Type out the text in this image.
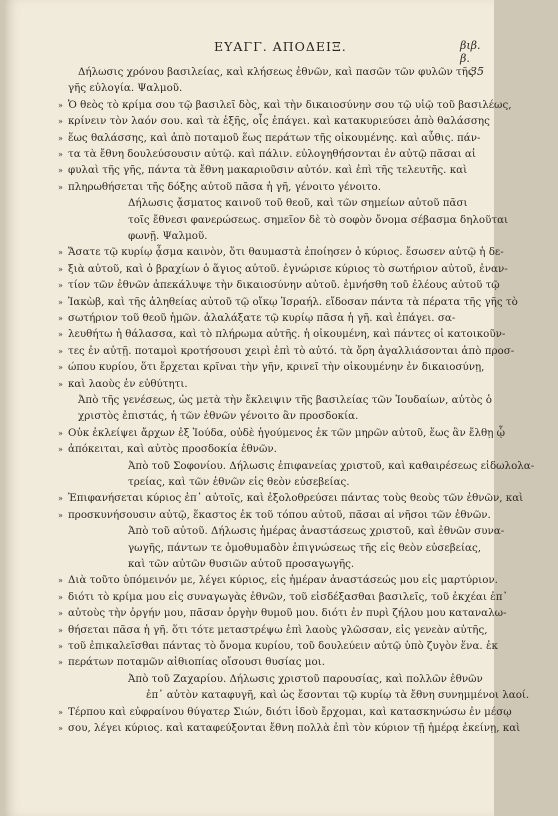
ΕΥΑΓΓ. ΑΠΟΔΕΙΞ.	βιβ. β. 35
Δήλωσις χρόνου βασιλείας, καὶ κλήσεως ἐθνῶν, καὶ πασῶν τῶν φυλῶν τῆς
γῆς εὐλογία. Ψαλμοῦ.
» Ὁ θεὸς τὸ κρίμα σου τῷ βασιλεῖ δὸς, καὶ τὴν δικαιοσύνην σου τῷ υἱῷ τοῦ βασιλέως,
» κρίνειν τὸν λαόν σου. καὶ τὰ ἑξῆς, οἷς ἐπάγει. καὶ κατακυριεύσει ἀπὸ θαλάσσης
» ἕως θαλάσσης, καὶ ἀπὸ ποταμοῦ ἕως περάτων τῆς οἰκουμένης. καὶ αὖθις. πάν-
» τα τὰ ἔθνη δουλεύσουσιν αὐτῷ. καὶ πάλιν. εὐλογηθήσονται ἐν αὐτῷ πᾶσαι αἱ
» φυλαὶ τῆς γῆς, πάντα τὰ ἔθνη μακαριοῦσιν αὐτόν. καὶ ἐπὶ τῆς τελευτῆς. καὶ
» πληρωθήσεται τῆς δόξης αὐτοῦ πᾶσα ἡ γῆ, γένοιτο γένοιτο.
Δήλωσις ᾄσματος καινοῦ τοῦ θεοῦ, καὶ τῶν σημείων αὐτοῦ πᾶσι
τοῖς ἔθνεσι φανερώσεως. σημεῖον δὲ τὸ σοφὸν ὄνομα σέβασμα δηλοῦται
φωνῇ. Ψαλμοῦ.
» Ἄσατε τῷ κυρίῳ ᾆσμα καινὸν, ὅτι θαυμαστὰ ἐποίησεν ὁ κύριος. ἔσωσεν αὐτῷ ἡ δε-
» ξιὰ αὐτοῦ, καὶ ὁ βραχίων ὁ ἅγιος αὐτοῦ. ἐγνώρισε κύριος τὸ σωτήριον αὐτοῦ, ἐναν-
» τίον τῶν ἐθνῶν ἀπεκάλυψε τὴν δικαιοσύνην αὐτοῦ. ἐμνήσθη τοῦ ἐλέους αὐτοῦ τῷ
» Ἰακὼβ, καὶ τῆς ἀληθείας αὐτοῦ τῷ οἴκῳ Ἰσραήλ. εἴδοσαν πάντα τὰ πέρατα τῆς γῆς τὸ
» σωτήριον τοῦ θεοῦ ἡμῶν. ἀλαλάξατε τῷ κυρίῳ πᾶσα ἡ γῆ. καὶ ἐπάγει. σα-
» λευθήτω ἡ θάλασσα, καὶ τὸ πλήρωμα αὐτῆς. ἡ οἰκουμένη, καὶ πάντες οἱ κατοικοῦν-
» τες ἐν αὐτῇ. ποταμοὶ κροτήσουσι χειρὶ ἐπὶ τὸ αὐτό. τὰ ὄρη ἀγαλλιάσονται ἀπὸ προσ-
» ώπου κυρίου, ὅτι ἔρχεται κρῖναι τὴν γῆν, κρινεῖ τὴν οἰκουμένην ἐν δικαιοσύνῃ,
» καὶ λαοὺς ἐν εὐθύτητι.
Ἀπὸ τῆς γενέσεως, ὡς μετὰ τὴν ἔκλειψιν τῆς βασιλείας τῶν Ἰουδαίων, αὐτὸς ὁ
χριστὸς ἐπιστάς, ἡ τῶν ἐθνῶν γένοιτο ἂν προσδοκία.
» Οὐκ ἐκλείψει ἄρχων ἐξ Ἰούδα, οὐδὲ ἡγούμενος ἐκ τῶν μηρῶν αὐτοῦ, ἕως ἂν ἔλθῃ ᾧ
» ἀπόκειται, καὶ αὐτὸς προσδοκία ἐθνῶν.
Ἀπὸ τοῦ Σοφονίου. Δήλωσις ἐπιφανείας χριστοῦ, καὶ καθαιρέσεως εἰδωλολα-
τρείας, καὶ τῶν ἐθνῶν εἰς θεὸν εὐσεβείας.
» Ἐπιφανήσεται κύριος ἐπ᾽ αὐτοῖς, καὶ ἐξολοθρεύσει πάντας τοὺς θεοὺς τῶν ἐθνῶν, καὶ
» προσκυνήσουσιν αὐτῷ, ἕκαστος ἐκ τοῦ τόπου αὐτοῦ, πᾶσαι αἱ νῆσοι τῶν ἐθνῶν.
Ἀπὸ τοῦ αὐτοῦ. Δήλωσις ἡμέρας ἀναστάσεως χριστοῦ, καὶ ἐθνῶν συνα-
γωγῆς, πάντων τε ὁμοθυμαδὸν ἐπιγνώσεως τῆς εἰς θεὸν εὐσεβείας,
καὶ τῶν αὐτῶν θυσιῶν αὐτοῦ προσαγωγῆς.
» Διὰ τοῦτο ὑπόμεινόν με, λέγει κύριος, εἰς ἡμέραν ἀναστάσεώς μου εἰς μαρτύριον.
» διότι τὸ κρίμα μου εἰς συναγωγὰς ἐθνῶν, τοῦ εἰσδέξασθαι βασιλεῖς, τοῦ ἐκχέαι ἐπ᾽
» αὐτοὺς τὴν ὀργήν μου, πᾶσαν ὀργὴν θυμοῦ μου. διότι ἐν πυρὶ ζήλου μου καταναλω-
» θήσεται πᾶσα ἡ γῆ. ὅτι τότε μεταστρέψω ἐπὶ λαοὺς γλῶσσαν, εἰς γενεὰν αὐτῆς,
» τοῦ ἐπικαλεῖσθαι πάντας τὸ ὄνομα κυρίου, τοῦ δουλεύειν αὐτῷ ὑπὸ ζυγὸν ἕνα. ἐκ
» περάτων ποταμῶν αἰθιοπίας οἴσουσι θυσίας μοι.
Ἀπὸ τοῦ Ζαχαρίου. Δήλωσις χριστοῦ παρουσίας, καὶ πολλῶν ἐθνῶν
ἐπ᾽ αὐτὸν καταφυγῆ, καὶ ὡς ἔσονται τῷ κυρίῳ τὰ ἔθνη συνημμένοι λαοί.
» Τέρπου καὶ εὐφραίνου θύγατερ Σιών, διότι ἰδοὺ ἔρχομαι, καὶ κατασκηνώσω ἐν μέσῳ
» σου, λέγει κύριος. καὶ καταφεύξονται ἔθνη πολλὰ ἐπὶ τὸν κύριον τῇ ἡμέρᾳ ἐκείνῃ, καὶ
